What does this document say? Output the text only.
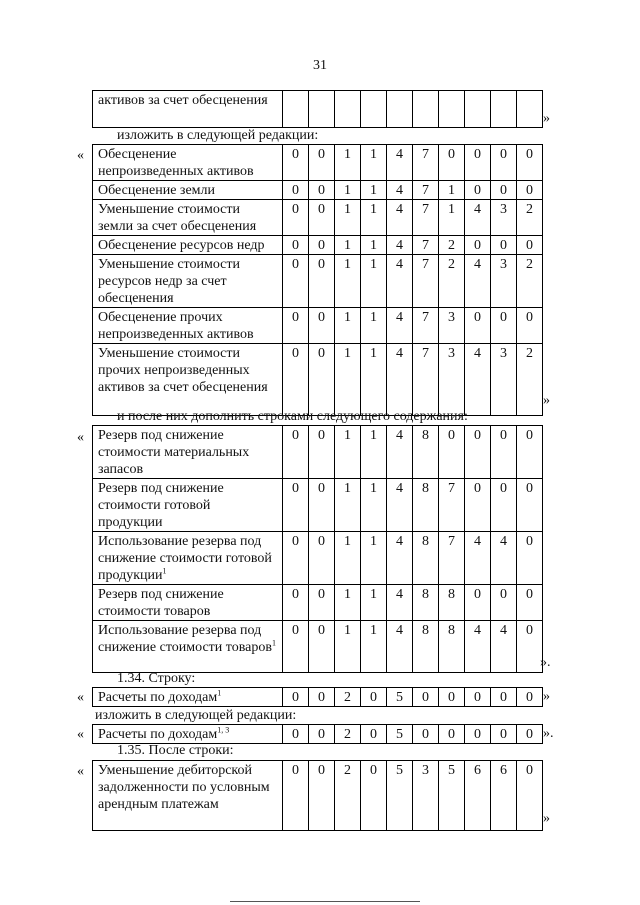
31
активов за счет обесценения										
»
изложить в следующей редакции:
« Обесценение непроизведенных активов	0	0	1	1	4	7	0	0	0	0
Обесценение земли	0	0	1	1	4	7	1	0	0	0
Уменьшение стоимости земли за счет обесценения	0	0	1	1	4	7	1	4	3	2
Обесценение ресурсов недр	0	0	1	1	4	7	2	0	0	0
Уменьшение стоимости ресурсов недр за счет обесценения	0	0	1	1	4	7	2	4	3	2
Обесценение прочих непроизведенных активов	0	0	1	1	4	7	3	0	0	0
Уменьшение стоимости прочих непроизведенных активов за счет обесценения	0	0	1	1	4	7	3	4	3	2
»
и после них дополнить строками следующего содержания:
« Резерв под снижение стоимости материальных запасов	0	0	1	1	4	8	0	0	0	0
Резерв под снижение стоимости готовой продукции	0	0	1	1	4	8	7	0	0	0
Использование резерва под снижение стоимости готовой продукции$^1$	0	0	1	1	4	8	7	4	4	0
Резерв под снижение стоимости товаров	0	0	1	1	4	8	8	0	0	0
Использование резерва под снижение стоимости товаров$^1$	0	0	1	1	4	8	8	4	4	0
».
1.34. Строку:
« Расчеты по доходам$^1$	0	0	2	0	5	0	0	0	0	0 »
изложить в следующей редакции:
« Расчеты по доходам$^{1, 3}$	0	0	2	0	5	0	0	0	0	0 ».
1.35. После строки:
« Уменьшение дебиторской задолженности по условным арендным платежам	0	0	2	0	5	3	5	6	6	0
»
